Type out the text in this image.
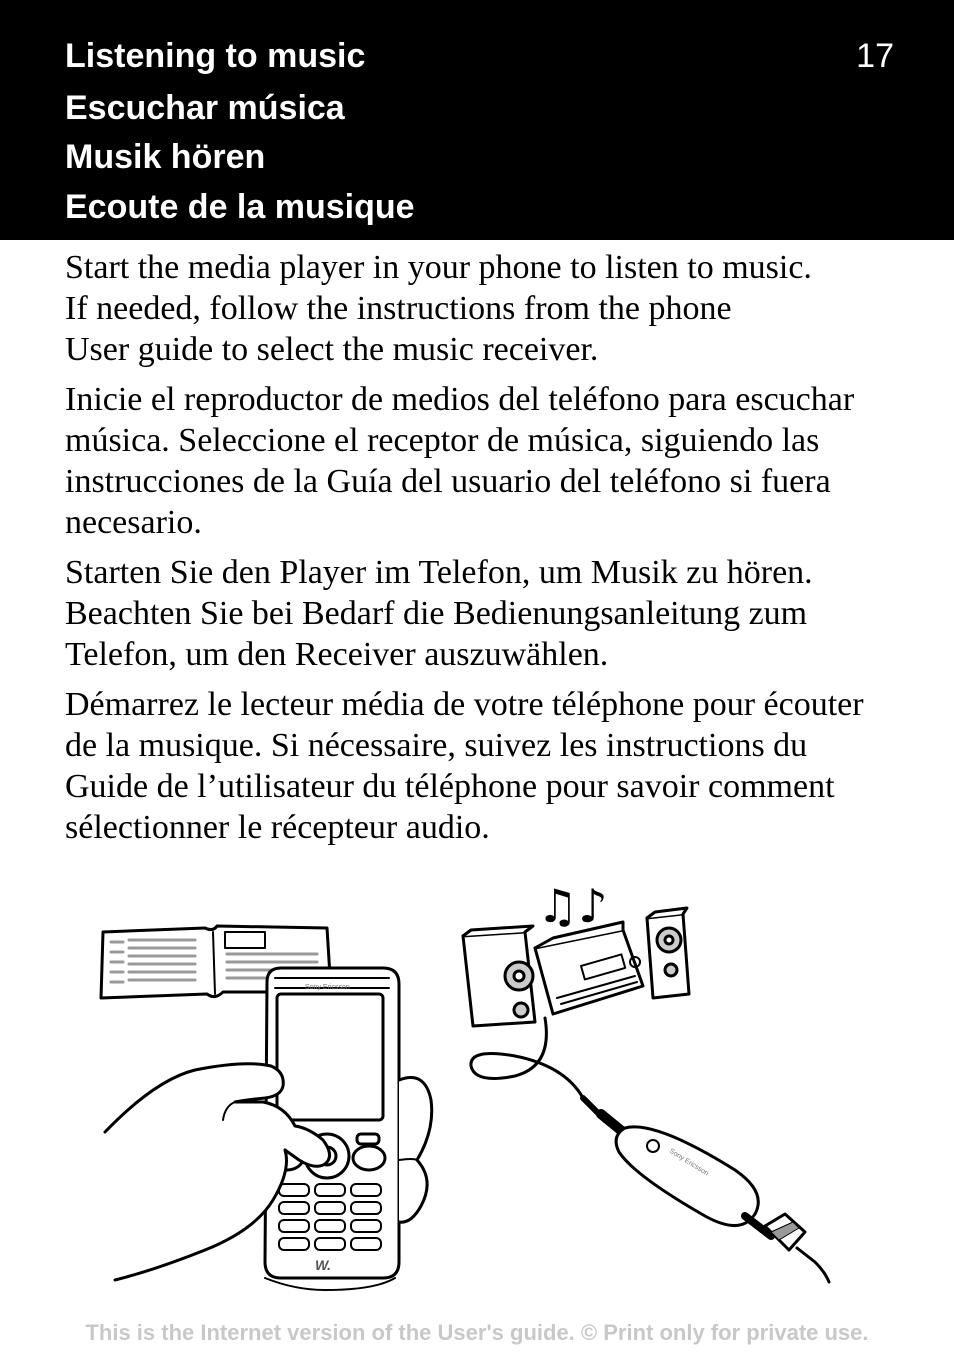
Listening to music
Escuchar música
Musik hören
Ecoute de la musique
17

Start the media player in your phone to listen to music.
If needed, follow the instructions from the phone
User guide to select the music receiver.

Inicie el reproductor de medios del teléfono para escuchar
música. Seleccione el receptor de música, siguiendo las
instrucciones de la Guía del usuario del teléfono si fuera
necesario.

Starten Sie den Player im Telefon, um Musik zu hören.
Beachten Sie bei Bedarf die Bedienungsanleitung zum
Telefon, um den Receiver auszuwählen.

Démarrez le lecteur média de votre téléphone pour écouter
de la musique. Si nécessaire, suivez les instructions du
Guide de l’utilisateur du téléphone pour savoir comment
sélectionner le récepteur audio.

Sony Ericsson
W.
♫♪
Sony Ericsson
This is the Internet version of the User's guide. © Print only for private use.
